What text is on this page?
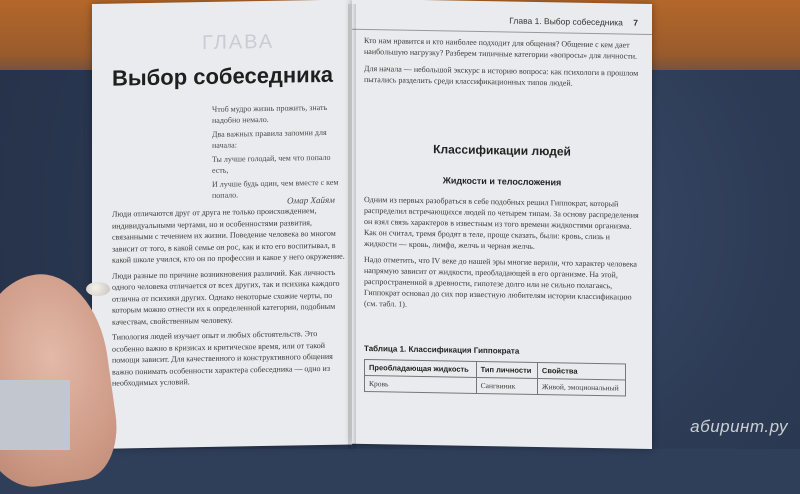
ГЛАВА
Выбор собеседника

Чтоб мудро жизнь прожить, знать надобно немало.

Два важных правила запомни для начала:

Ты лучше голодай, чем что попало есть,

И лучше будь один, чем вместе с кем попало.	Омар Хайям

Люди отличаются друг от друга не только происхождением, индивидуальными чертами, но и особенностями развития, связанными с течением их жизни. Поведение человека во многом зависит от того, в какой семье он рос, как и кто его воспитывал, в какой школе учился, кто он по профессии и какое у него окружение.

Люди разные по причине возникновения различий. Как личность одного человека отличается от всех других, так и психика каждого отлична от психики других. Однако некоторые схожие черты, по которым можно отнести их к определенной категории, подобным качествам, свойственным человеку.

Типология людей изучает опыт и любых обстоятельств. Это особенно важно в кризисах и критическое время, или от такой помощи зависит. Для качественного и конструктивного общения важно понимать особенности характера собеседника — одно из необходимых условий.

Глава 1. Выбор собеседника 7

Кто нам нравится и кто наиболее подходит для общения? Общение с кем дает наибольшую нагрузку? Разберем типичные категории «вопросы» для личности.

Для начала — небольшой экскурс в историю вопроса: как психологи в прошлом пытались разделить среди классификационных типов людей.

Классификации людей
Жидкости и телосложения

Одним из первых разобраться в себе подобных решил Гиппократ, который распределил встречающихся людей по четырем типам. За основу распределения он взял связь характеров в известным из того времени жидкостями организма. Как он считал, тремя бродят в теле, проще сказать, были: кровь, слизь и жидкости — кровь, лимфа, желчь и черная желчь.

Надо отметить, что IV веке до нашей эры многие верили, что характер человека напрямую зависит от жидкости, преобладающей в его организме. На этой, распространенной в древности, гипотезе долго или не сильно полагаясь, Гиппократ основал до сих пор известную любителям истории классификацию (см. табл. 1).

Таблица 1. Классификация Гиппократа
Преобладающая жидкость	Тип личности	Свойства
Кровь	Сангвиник	Живой, эмоциональный
абирuнт.ру
